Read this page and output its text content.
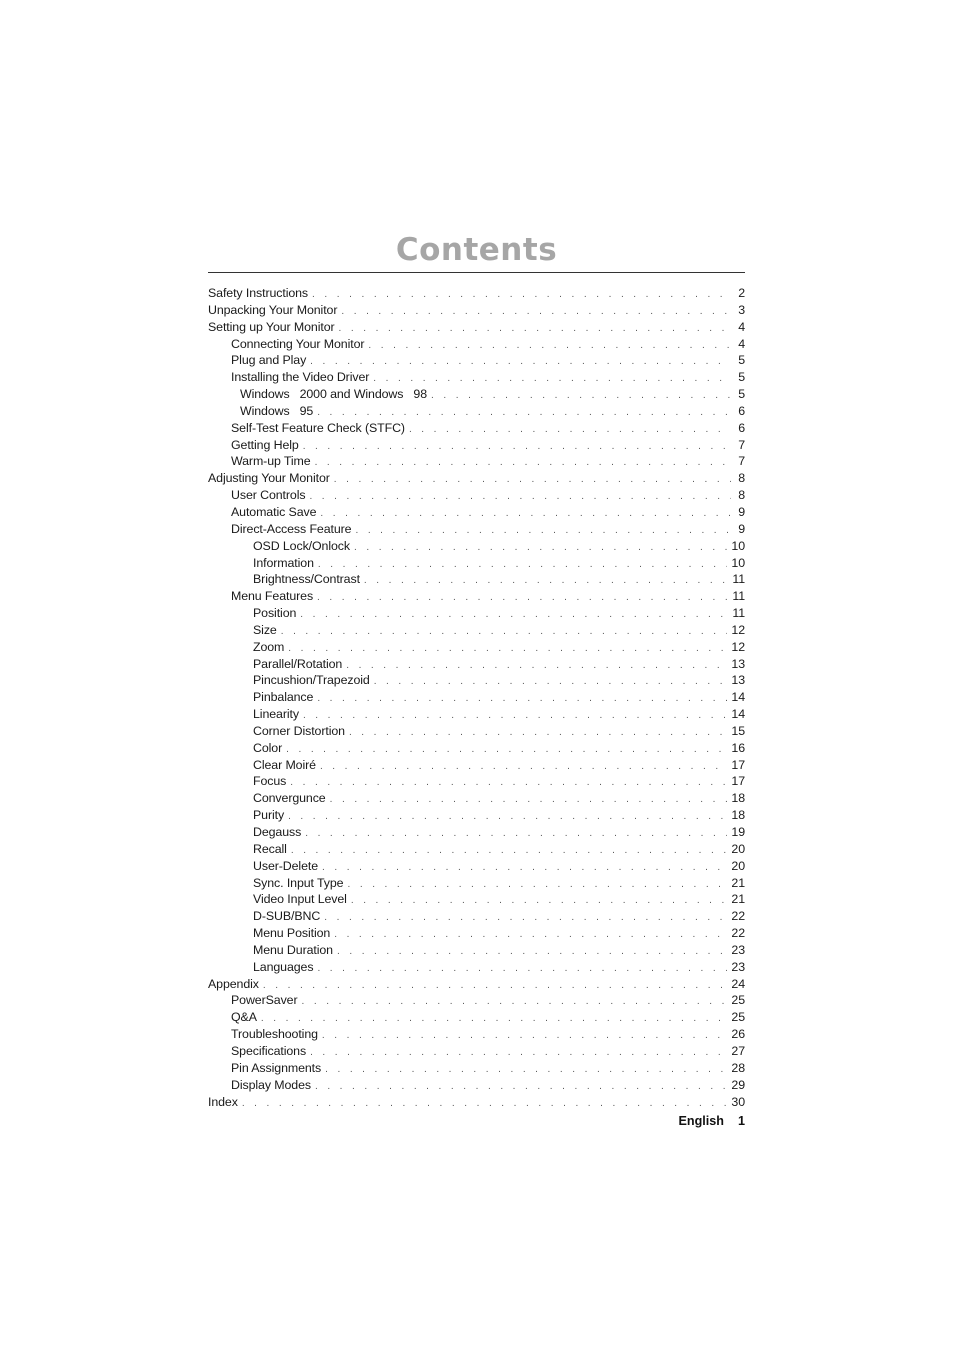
Contents
Safety Instructions . . .	2
Unpacking Your Monitor . . .	3
Setting up Your Monitor . . .	4
Connecting Your Monitor . . .	4
Plug and Play . . .	5
Installing the Video Driver . . .	5
Windows   2000 and Windows   98 . . .	5
Windows   95 . . .	6
Self-Test Feature Check (STFC) . . .	6
Getting Help . . .	7
Warm-up Time . . .	7
Adjusting Your Monitor . . .	8
User Controls . . .	8
Automatic Save . . .	9
Direct-Access Feature . . .	9
OSD Lock/Onlock . . .	10
Information . . .	10
Brightness/Contrast . . .	11
Menu Features . . .	11
Position . . .	11
Size . . .	12
Zoom . . .	12
Parallel/Rotation . . .	13
Pincushion/Trapezoid . . .	13
Pinbalance . . .	14
Linearity . . .	14
Corner Distortion . . .	15
Color . . .	16
Clear Moiré . . .	17
Focus . . .	17
Convergunce . . .	18
Purity . . .	18
Degauss . . .	19
Recall . . .	20
User-Delete . . .	20
Sync. Input Type . . .	21
Video Input Level . . .	21
D-SUB/BNC . . .	22
Menu Position . . .	22
Menu Duration . . .	23
Languages . . .	23
Appendix . . .	24
PowerSaver . . .	25
Q&A . . .	25
Troubleshooting . . .	26
Specifications . . .	27
Pin Assignments . . .	28
Display Modes . . .	29
Index . . .	30
English 1
